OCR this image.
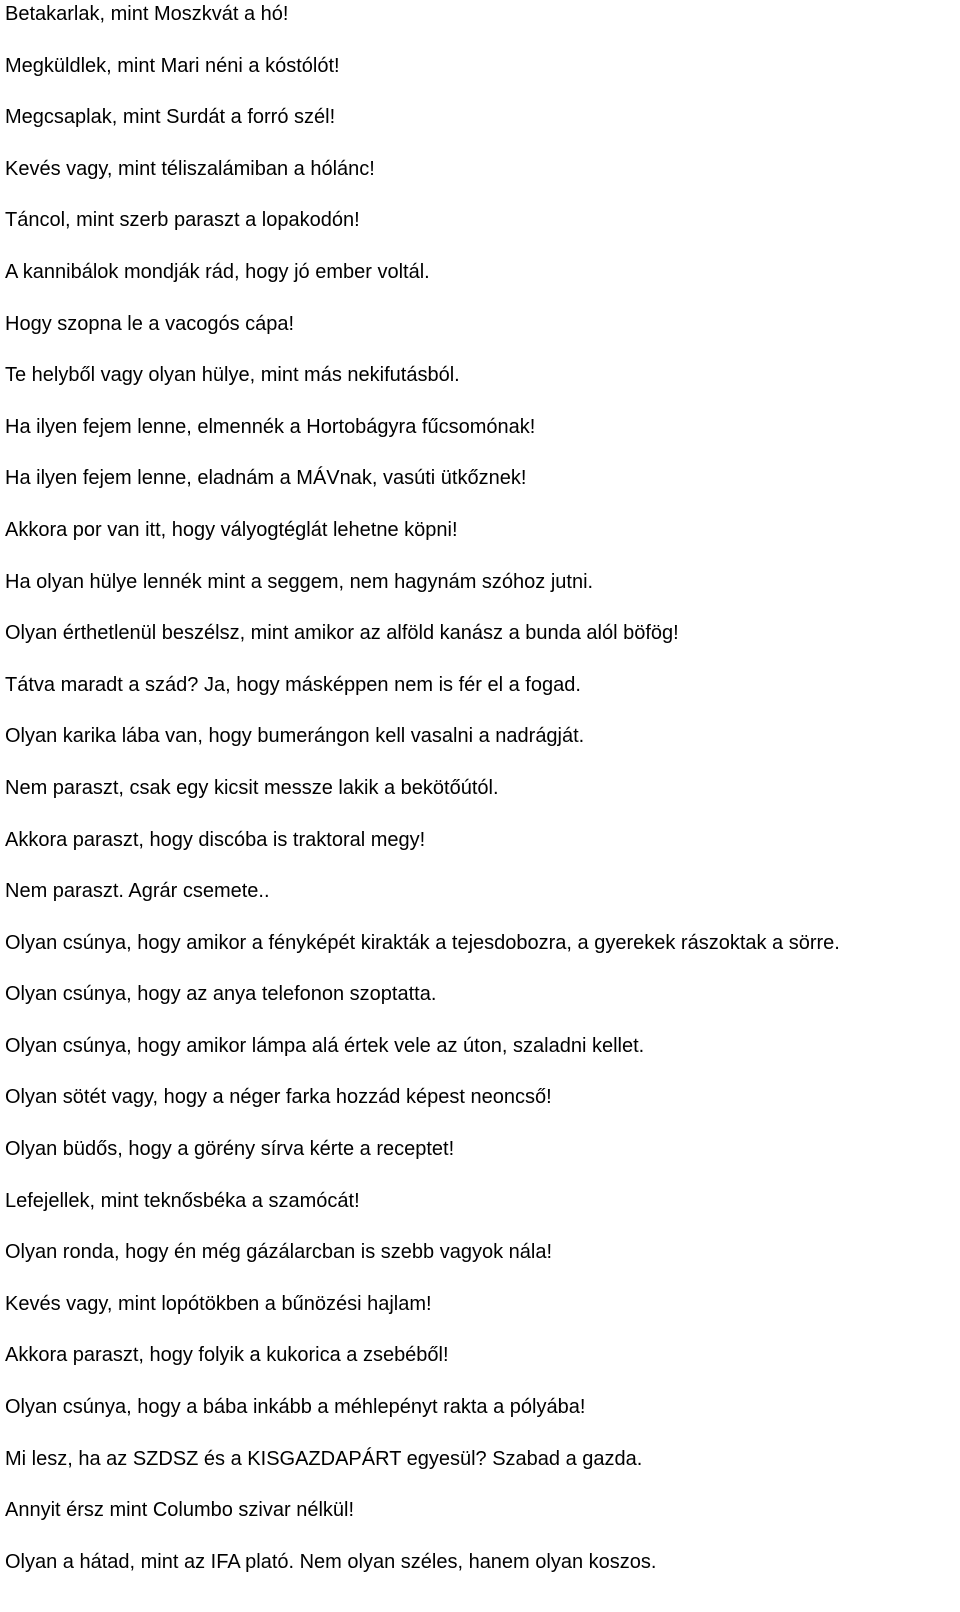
Betakarlak, mint Moszkvát a hó!
Megküldlek, mint Mari néni a kóstólót!
Megcsaplak, mint Surdát a forró szél!
Kevés vagy, mint téliszalámiban a hólánc!
Táncol, mint szerb paraszt a lopakodón!
A kannibálok mondják rád, hogy jó ember voltál.
Hogy szopna le a vacogós cápa!
Te helyből vagy olyan hülye, mint más nekifutásból.
Ha ilyen fejem lenne, elmennék a Hortobágyra fűcsomónak!
Ha ilyen fejem lenne, eladnám a MÁVnak, vasúti ütkőznek!
Akkora por van itt, hogy vályogtéglát lehetne köpni!
Ha olyan hülye lennék mint a seggem, nem hagynám szóhoz jutni.
Olyan érthetlenül beszélsz, mint amikor az alföld kanász a bunda alól böfög!
Tátva maradt a szád? Ja, hogy másképpen nem is fér el a fogad.
Olyan karika lába van, hogy bumerángon kell vasalni a nadrágját.
Nem paraszt, csak egy kicsit messze lakik a bekötőútól.
Akkora paraszt, hogy discóba is traktoral megy!
Nem paraszt. Agrár csemete..
Olyan csúnya, hogy amikor a fényképét kirakták a tejesdobozra, a gyerekek rászoktak a sörre.
Olyan csúnya, hogy az anya telefonon szoptatta.
Olyan csúnya, hogy amikor lámpa alá értek vele az úton, szaladni kellet.
Olyan sötét vagy, hogy a néger farka hozzád képest neoncső!
Olyan büdős, hogy a görény sírva kérte a receptet!
Lefejellek, mint teknősbéka a szamócát!
Olyan ronda, hogy én még gázálarcban is szebb vagyok nála!
Kevés vagy, mint lopótökben a bűnözési hajlam!
Akkora paraszt, hogy folyik a kukorica a zsebéből!
Olyan csúnya, hogy a bába inkább a méhlepényt rakta a pólyába!
Mi lesz, ha az SZDSZ és a KISGAZDAPÁRT egyesül? Szabad a gazda.
Annyit érsz mint Columbo szivar nélkül!
Olyan a hátad, mint az IFA plató. Nem olyan széles, hanem olyan koszos.
